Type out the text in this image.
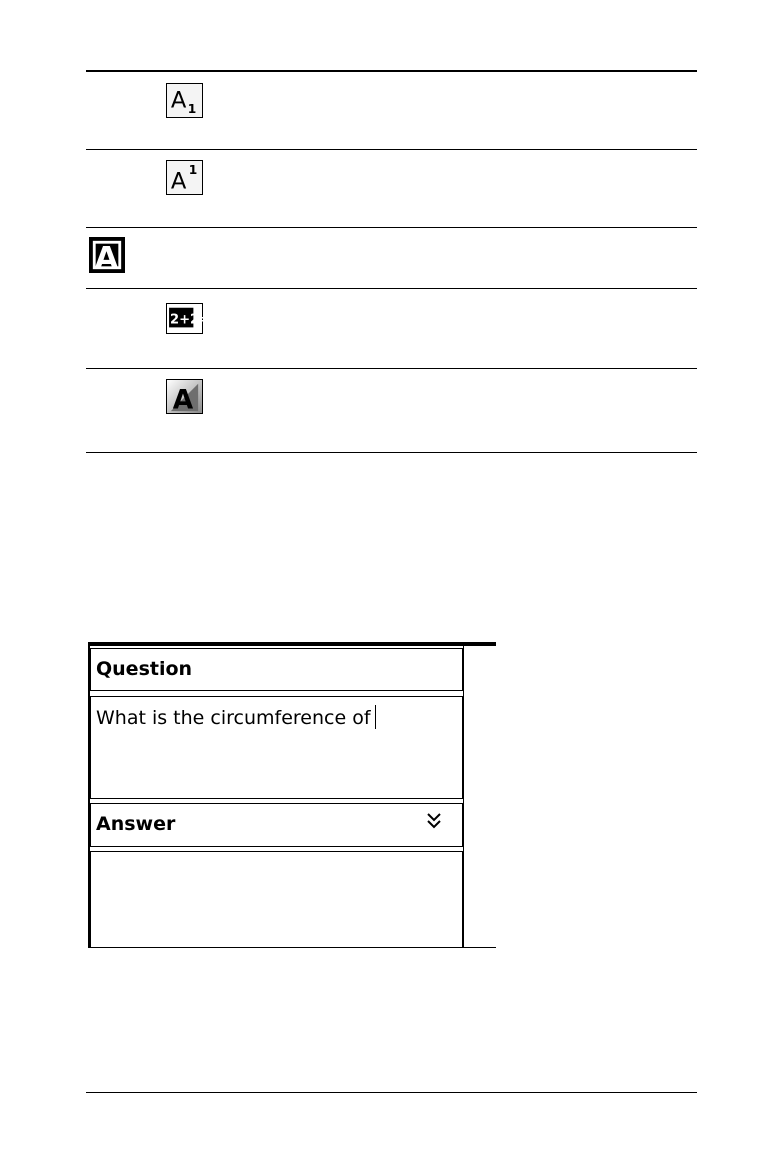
A 1
A 1
A
2+2=
A
Question
What is the circumference of
Answer
